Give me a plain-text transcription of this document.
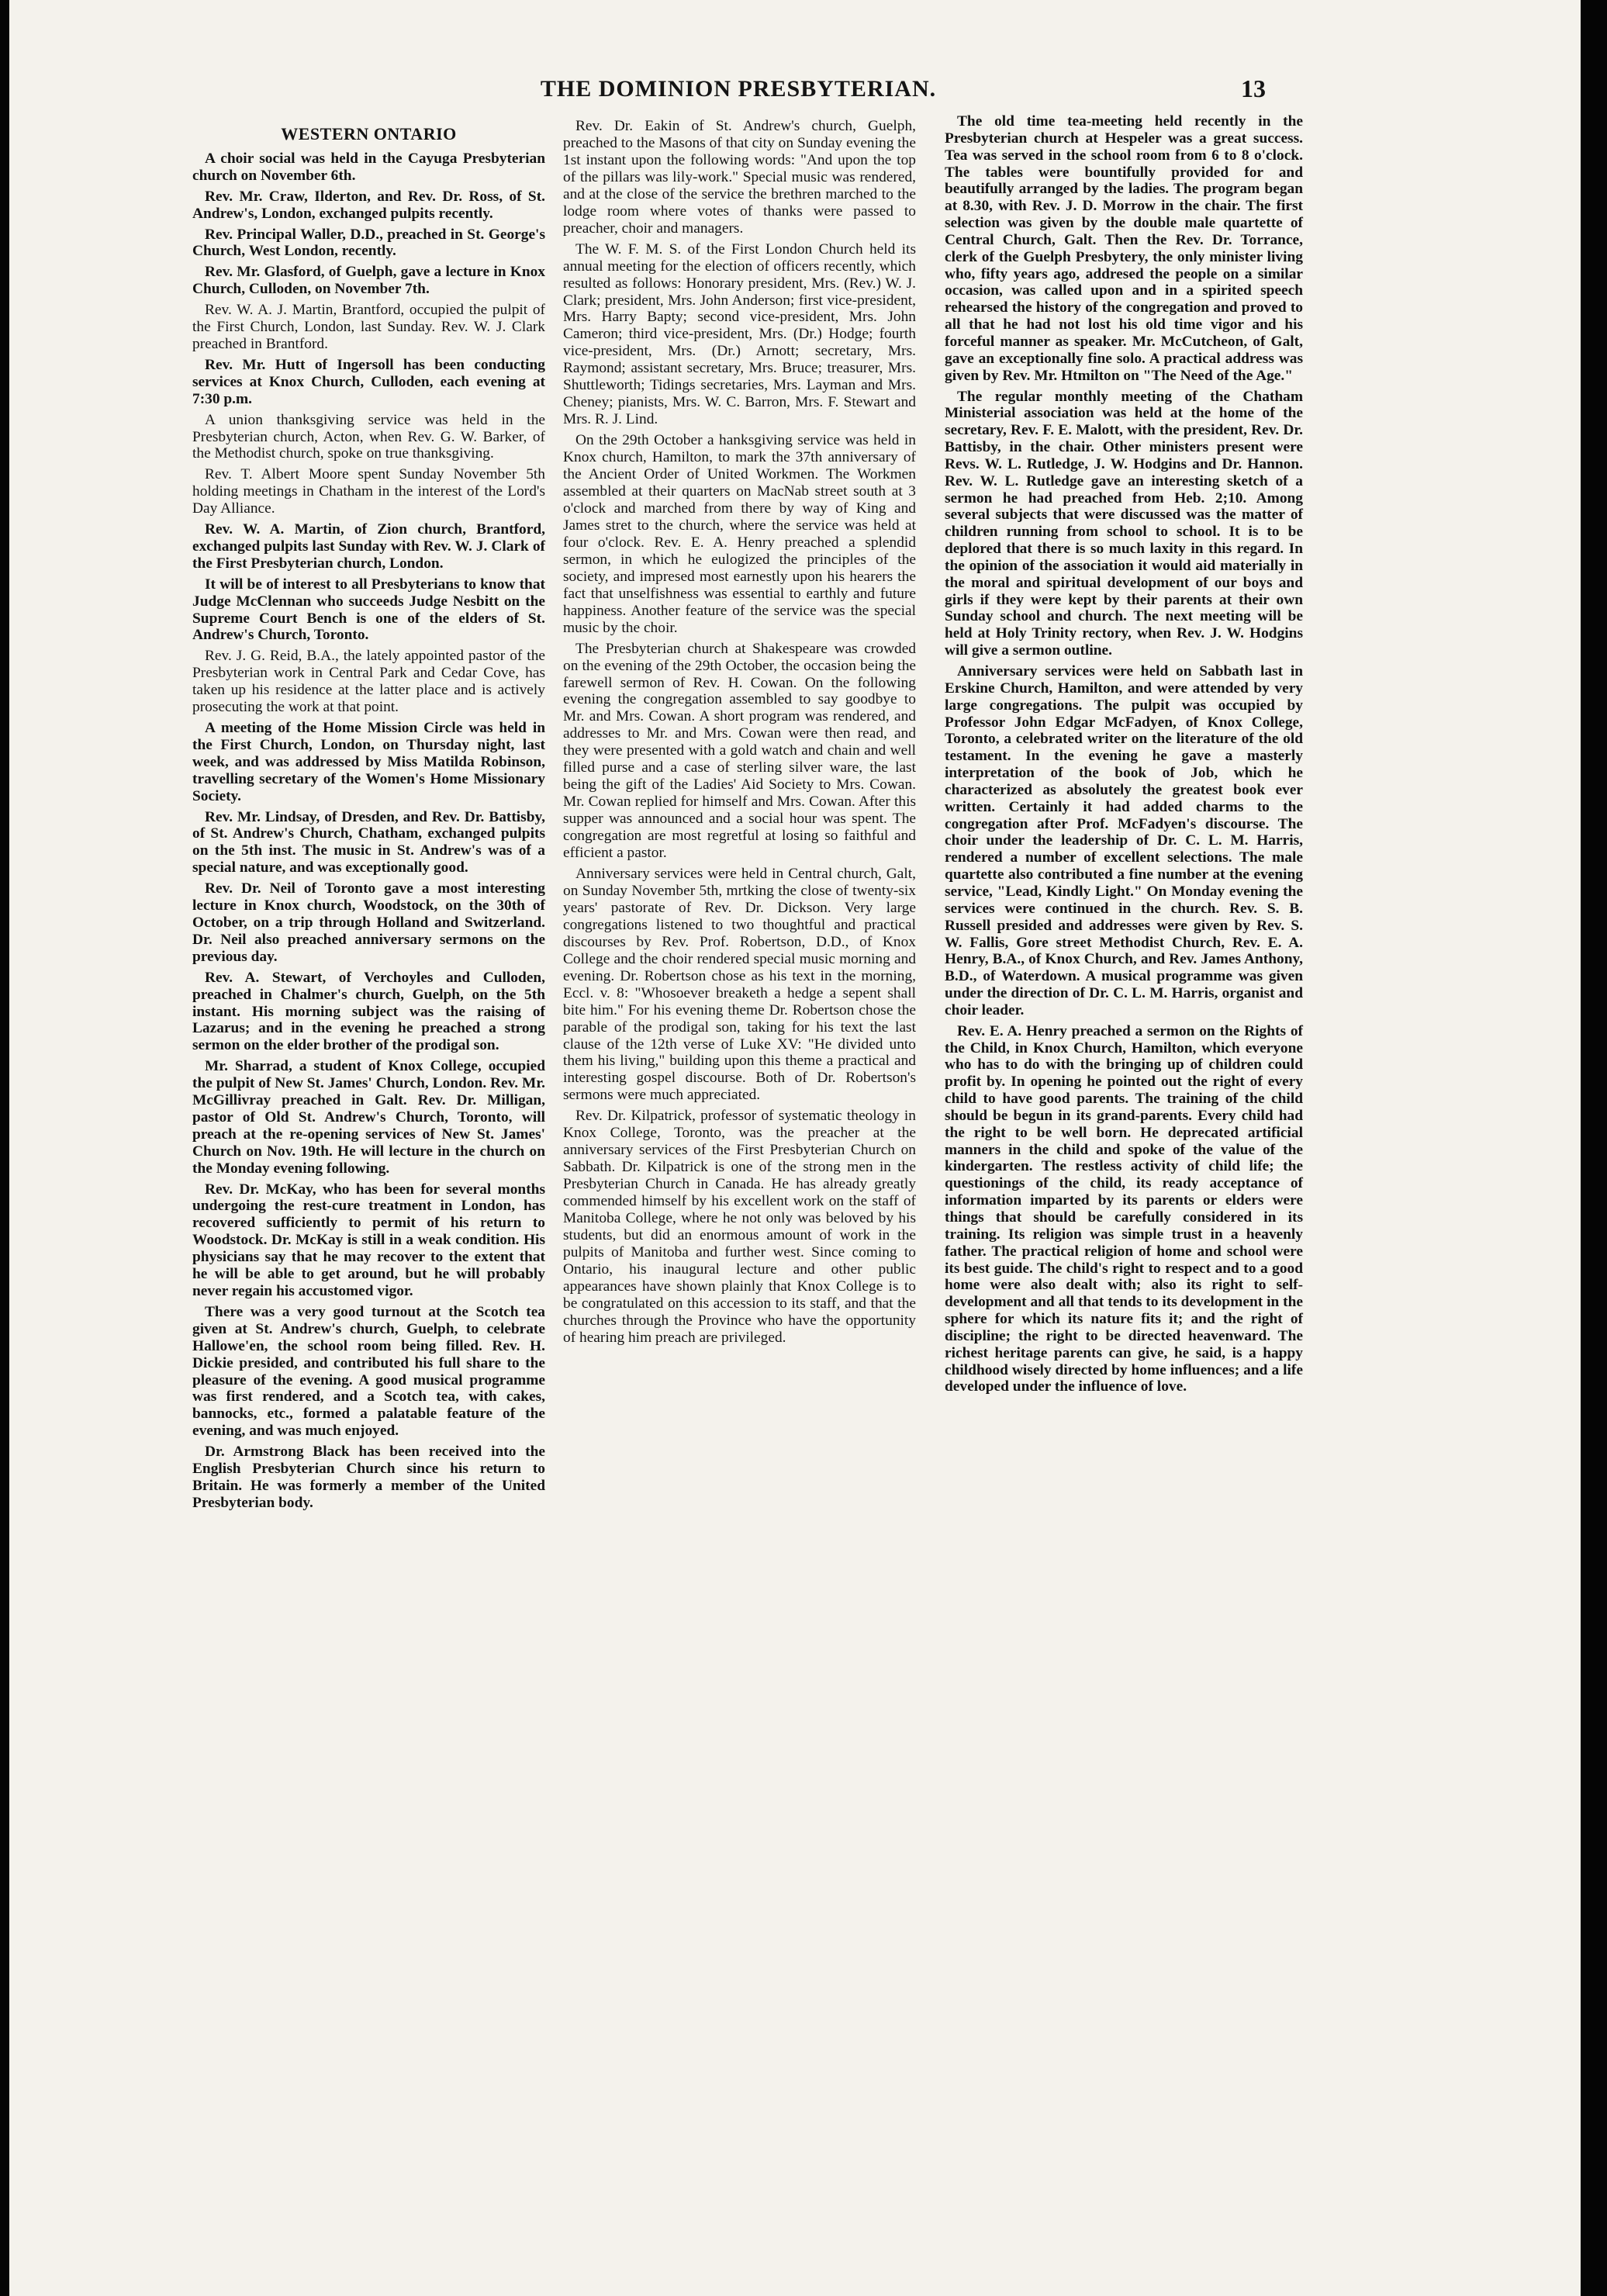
THE DOMINION PRESBYTERIAN.	13
WESTERN ONTARIO

A choir social was held in the Cayuga Presbyterian church on November 6th.

Rev. Mr. Craw, Ilderton, and Rev. Dr. Ross, of St. Andrew's, London, exchanged pulpits recently.

Rev. Principal Waller, D.D., preached in St. George's Church, West London, recently.

Rev. Mr. Glasford, of Guelph, gave a lecture in Knox Church, Culloden, on November 7th.

Rev. W. A. J. Martin, Brantford, occupied the pulpit of the First Church, London, last Sunday. Rev. W. J. Clark preached in Brantford.

Rev. Mr. Hutt of Ingersoll has been conducting services at Knox Church, Culloden, each evening at 7:30 p.m.

A union thanksgiving service was held in the Presbyterian church, Acton, when Rev. G. W. Barker, of the Methodist church, spoke on true thanksgiving.

Rev. T. Albert Moore spent Sunday November 5th holding meetings in Chatham in the interest of the Lord's Day Alliance.

Rev. W. A. Martin, of Zion church, Brantford, exchanged pulpits last Sunday with Rev. W. J. Clark of the First Presbyterian church, London.

It will be of interest to all Presbyterians to know that Judge McClennan who succeeds Judge Nesbitt on the Supreme Court Bench is one of the elders of St. Andrew's Church, Toronto.

Rev. J. G. Reid, B.A., the lately appointed pastor of the Presbyterian work in Central Park and Cedar Cove, has taken up his residence at the latter place and is actively prosecuting the work at that point.

A meeting of the Home Mission Circle was held in the First Church, London, on Thursday night, last week, and was addressed by Miss Matilda Robinson, travelling secretary of the Women's Home Missionary Society.

Rev. Mr. Lindsay, of Dresden, and Rev. Dr. Battisby, of St. Andrew's Church, Chatham, exchanged pulpits on the 5th inst. The music in St. Andrew's was of a special nature, and was exceptionally good.

Rev. Dr. Neil of Toronto gave a most interesting lecture in Knox church, Woodstock, on the 30th of October, on a trip through Holland and Switzerland. Dr. Neil also preached anniversary sermons on the previous day.

Rev. A. Stewart, of Verchoyles and Culloden, preached in Chalmer's church, Guelph, on the 5th instant. His morning subject was the raising of Lazarus; and in the evening he preached a strong sermon on the elder brother of the prodigal son.

Mr. Sharrad, a student of Knox College, occupied the pulpit of New St. James' Church, London. Rev. Mr. McGillivray preached in Galt. Rev. Dr. Milligan, pastor of Old St. Andrew's Church, Toronto, will preach at the re-opening services of New St. James' Church on Nov. 19th. He will lecture in the church on the Monday evening following.

Rev. Dr. McKay, who has been for several months undergoing the rest-cure treatment in London, has recovered sufficiently to permit of his return to Woodstock. Dr. McKay is still in a weak condition. His physicians say that he may recover to the extent that he will be able to get around, but he will probably never regain his accustomed vigor.

There was a very good turnout at the Scotch tea given at St. Andrew's church, Guelph, to celebrate Hallowe'en, the school room being filled. Rev. H. Dickie presided, and contributed his full share to the pleasure of the evening. A good musical programme was first rendered, and a Scotch tea, with cakes, bannocks, etc., formed a palatable feature of the evening, and was much enjoyed.

Dr. Armstrong Black has been received into the English Presbyterian Church since his return to Britain. He was formerly a member of the United Presbyterian body.

Rev. Dr. Eakin of St. Andrew's church, Guelph, preached to the Masons of that city on Sunday evening the 1st instant upon the following words: "And upon the top of the pillars was lily-work." Special music was rendered, and at the close of the service the brethren marched to the lodge room where votes of thanks were passed to preacher, choir and managers.

The W. F. M. S. of the First London Church held its annual meeting for the election of officers recently, which resulted as follows: Honorary president, Mrs. (Rev.) W. J. Clark; president, Mrs. John Anderson; first vice-president, Mrs. Harry Bapty; second vice-president, Mrs. John Cameron; third vice-president, Mrs. (Dr.) Hodge; fourth vice-president, Mrs. (Dr.) Arnott; secretary, Mrs. Raymond; assistant secretary, Mrs. Bruce; treasurer, Mrs. Shuttleworth; Tidings secretaries, Mrs. Layman and Mrs. Cheney; pianists, Mrs. W. C. Barron, Mrs. F. Stewart and Mrs. R. J. Lind.

On the 29th October a hanksgiving service was held in Knox church, Hamilton, to mark the 37th anniversary of the Ancient Order of United Workmen. The Workmen assembled at their quarters on MacNab street south at 3 o'clock and marched from there by way of King and James stret to the church, where the service was held at four o'clock. Rev. E. A. Henry preached a splendid sermon, in which he eulogized the principles of the society, and impresed most earnestly upon his hearers the fact that unselfishness was essential to earthly and future happiness. Another feature of the service was the special music by the choir.

The Presbyterian church at Shakespeare was crowded on the evening of the 29th October, the occasion being the farewell sermon of Rev. H. Cowan. On the following evening the congregation assembled to say goodbye to Mr. and Mrs. Cowan. A short program was rendered, and addresses to Mr. and Mrs. Cowan were then read, and they were presented with a gold watch and chain and well filled purse and a case of sterling silver ware, the last being the gift of the Ladies' Aid Society to Mrs. Cowan. Mr. Cowan replied for himself and Mrs. Cowan. After this supper was announced and a social hour was spent. The congregation are most regretful at losing so faithful and efficient a pastor.

Anniversary services were held in Central church, Galt, on Sunday November 5th, mrtking the close of twenty-six years' pastorate of Rev. Dr. Dickson. Very large congregations listened to two thoughtful and practical discourses by Rev. Prof. Robertson, D.D., of Knox College and the choir rendered special music morning and evening. Dr. Robertson chose as his text in the morning, Eccl. v. 8: "Whosoever breaketh a hedge a sepent shall bite him." For his evening theme Dr. Robertson chose the parable of the prodigal son, taking for his text the last clause of the 12th verse of Luke XV: "He divided unto them his living," building upon this theme a practical and interesting gospel discourse. Both of Dr. Robertson's sermons were much appreciated.

Rev. Dr. Kilpatrick, professor of systematic theology in Knox College, Toronto, was the preacher at the anniversary services of the First Presbyterian Church on Sabbath. Dr. Kilpatrick is one of the strong men in the Presbyterian Church in Canada. He has already greatly commended himself by his excellent work on the staff of Manitoba College, where he not only was beloved by his students, but did an enormous amount of work in the pulpits of Manitoba and further west. Since coming to Ontario, his inaugural lecture and other public appearances have shown plainly that Knox College is to be congratulated on this accession to its staff, and that the churches through the Province who have the opportunity of hearing him preach are privileged.

The old time tea-meeting held recently in the Presbyterian church at Hespeler was a great success. Tea was served in the school room from 6 to 8 o'clock. The tables were bountifully provided for and beautifully arranged by the ladies. The program began at 8.30, with Rev. J. D. Morrow in the chair. The first selection was given by the double male quartette of Central Church, Galt. Then the Rev. Dr. Torrance, clerk of the Guelph Presbytery, the only minister living who, fifty years ago, addresed the people on a similar occasion, was called upon and in a spirited speech rehearsed the history of the congregation and proved to all that he had not lost his old time vigor and his forceful manner as speaker. Mr. McCutcheon, of Galt, gave an exceptionally fine solo. A practical address was given by Rev. Mr. Htmilton on "The Need of the Age."

The regular monthly meeting of the Chatham Ministerial association was held at the home of the secretary, Rev. F. E. Malott, with the president, Rev. Dr. Battisby, in the chair. Other ministers present were Revs. W. L. Rutledge, J. W. Hodgins and Dr. Hannon. Rev. W. L. Rutledge gave an interesting sketch of a sermon he had preached from Heb. 2;10. Among several subjects that were discussed was the matter of children running from school to school. It is to be deplored that there is so much laxity in this regard. In the opinion of the association it would aid materially in the moral and spiritual development of our boys and girls if they were kept by their parents at their own Sunday school and church. The next meeting will be held at Holy Trinity rectory, when Rev. J. W. Hodgins will give a sermon outline.

Anniversary services were held on Sabbath last in Erskine Church, Hamilton, and were attended by very large congregations. The pulpit was occupied by Professor John Edgar McFadyen, of Knox College, Toronto, a celebrated writer on the literature of the old testament. In the evening he gave a masterly interpretation of the book of Job, which he characterized as absolutely the greatest book ever written. Certainly it had added charms to the congregation after Prof. McFadyen's discourse. The choir under the leadership of Dr. C. L. M. Harris, rendered a number of excellent selections. The male quartette also contributed a fine number at the evening service, "Lead, Kindly Light." On Monday evening the services were continued in the church. Rev. S. B. Russell presided and addresses were given by Rev. S. W. Fallis, Gore street Methodist Church, Rev. E. A. Henry, B.A., of Knox Church, and Rev. James Anthony, B.D., of Waterdown. A musical programme was given under the direction of Dr. C. L. M. Harris, organist and choir leader.

Rev. E. A. Henry preached a sermon on the Rights of the Child, in Knox Church, Hamilton, which everyone who has to do with the bringing up of children could profit by. In opening he pointed out the right of every child to have good parents. The training of the child should be begun in its grand-parents. Every child had the right to be well born. He deprecated artificial manners in the child and spoke of the value of the kindergarten. The restless activity of child life; the questionings of the child, its ready acceptance of information imparted by its parents or elders were things that should be carefully considered in its training. Its religion was simple trust in a heavenly father. The practical religion of home and school were its best guide. The child's right to respect and to a good home were also dealt with; also its right to self-development and all that tends to its development in the sphere for which its nature fits it; and the right of discipline; the right to be directed heavenward. The richest heritage parents can give, he said, is a happy childhood wisely directed by home influences; and a life developed under the influence of love.
